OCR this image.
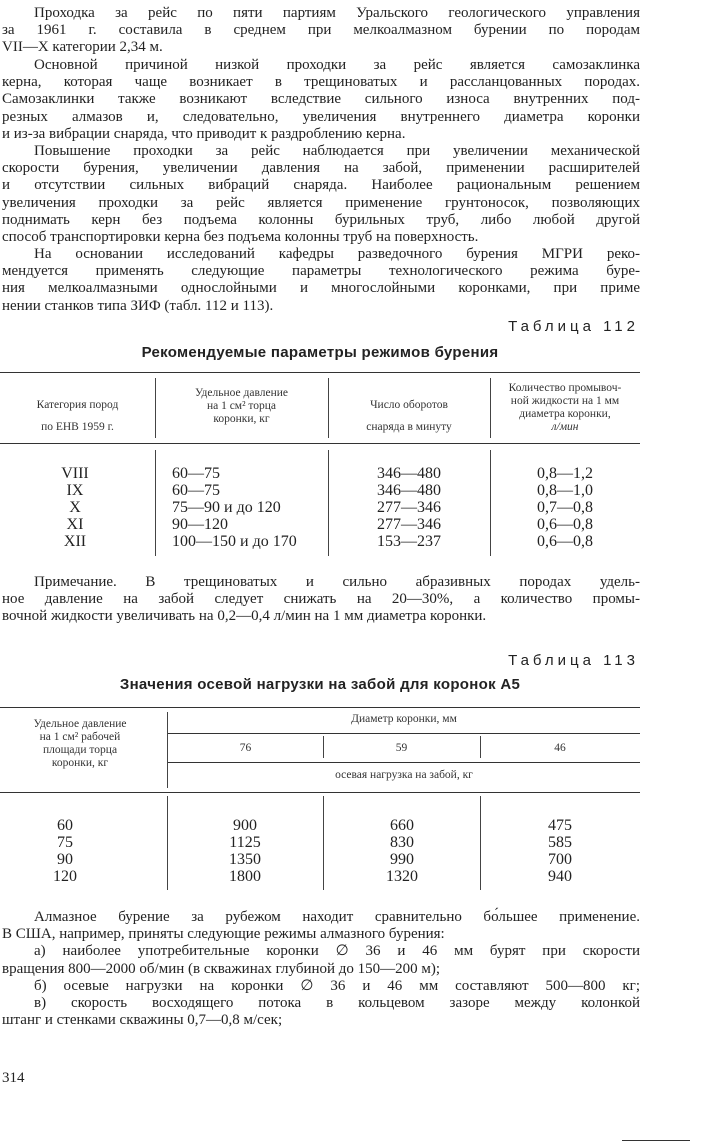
Проходка за рейс по пяти партиям Уральского геологического управления
за 1961 г. составила в среднем при мелкоалмазном бурении по породам
VII—X категории 2,34 м.
Основной причиной низкой проходки за рейс является самозаклинка
керна, которая чаще возникает в трещиноватых и рассланцованных породах.
Самозаклинки также возникают вследствие сильного износа внутренних под-
резных алмазов и, следовательно, увеличения внутреннего диаметра коронки
и из-за вибрации снаряда, что приводит к раздроблению керна.
Повышение проходки за рейс наблюдается при увеличении механической
скорости бурения, увеличении давления на забой, применении расширителей
и отсутствии сильных вибраций снаряда. Наиболее рациональным решением
увеличения проходки за рейс является применение грунтоносок, позволяющих
поднимать керн без подъема колонны бурильных труб, либо любой другой
способ транспортировки керна без подъема колонны труб на поверхность.
На основании исследований кафедры разведочного бурения МГРИ реко-
мендуется применять следующие параметры технологического режима буре-
ния мелкоалмазными однослойными и многослойными коронками, при приме
нении станков типа ЗИФ (табл. 112 и 113).
Таблица 112
Рекомендуемые параметры режимов бурения
Категория пород
по ЕНВ 1959 г.
Удельное давление
на 1 см² торца
коронки, кг
Число оборотов
снаряда в минуту
Количество промывоч-
ной жидкости на 1 мм
диаметра коронки,
л/мин
VIII
IX
X
XI
XII
60—75
60—75
75—90 и до 120
90—120
100—150 и до 170
346—480
346—480
277—346
277—346
153—237
0,8—1,2
0,8—1,0
0,7—0,8
0,6—0,8
0,6—0,8
Примечание. В трещиноватых и сильно абразивных породах удель-
ное давление на забой следует снижать на 20—30%, а количество промы-
вочной жидкости увеличивать на 0,2—0,4 л/мин на 1 мм диаметра коронки.
Таблица 113
Значения осевой нагрузки на забой для коронок А5
Удельное давление
на 1 см² рабочей
площади торца
коронки, кг
Диаметр коронки, мм
76	59	46
осевая нагрузка на забой, кг
60
75
90
120
900
1125
1350
1800
660
830
990
1320
475
585
700
940
Алмазное бурение за рубежом находит сравнительно бо́льшее применение.
В США, например, приняты следующие режимы алмазного бурения:
а) наиболее употребительные коронки ∅ 36 и 46 мм бурят при скорости
вращения 800—2000 об/мин (в скважинах глубиной до 150—200 м);
б) осевые нагрузки на коронки ∅ 36 и 46 мм составляют 500—800 кг;
в) скорость восходящего потока в кольцевом зазоре между колонкой
штанг и стенками скважины 0,7—0,8 м/сек;
314
